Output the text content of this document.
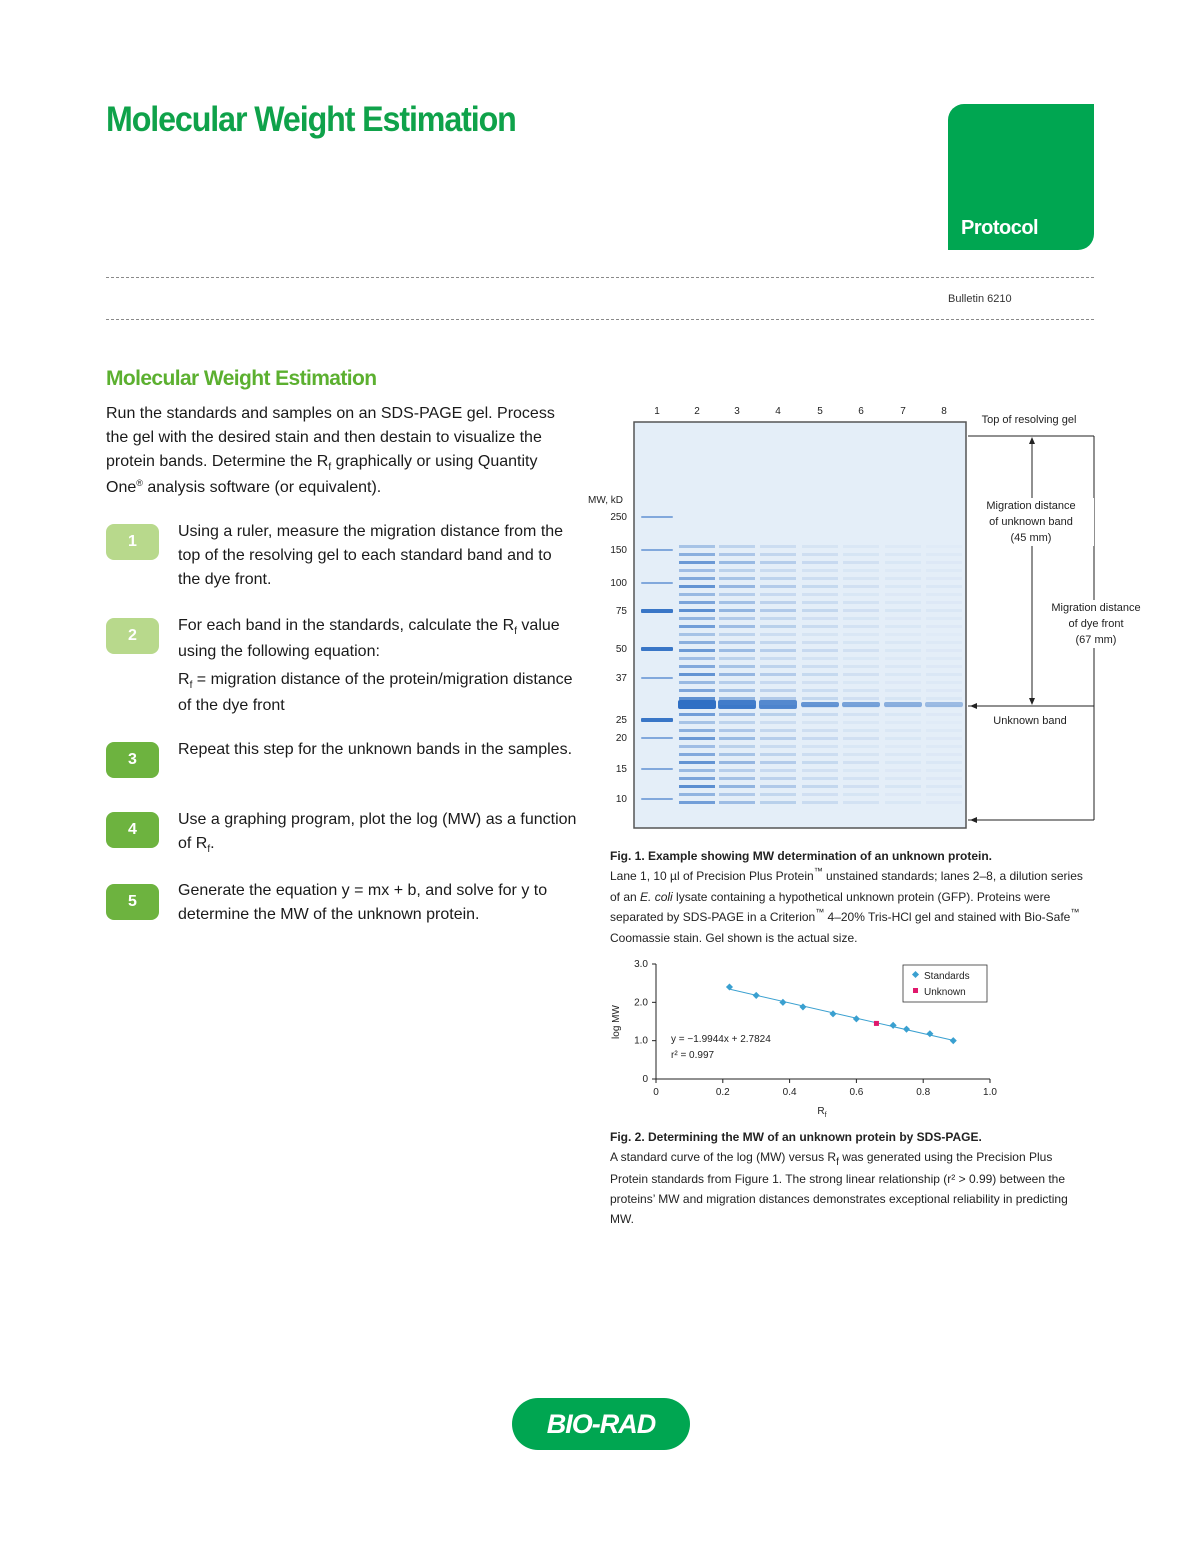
Molecular Weight Estimation
Protocol
Bulletin 6210
Molecular Weight Estimation
Run the standards and samples on an SDS-PAGE gel. Process the gel with the desired stain and then destain to visualize the protein bands. Determine the $R_f$ graphically or using Quantity One® analysis software (or equivalent).
1
Using a ruler, measure the migration distance from the top of the resolving gel to each standard band and to the dye front.
2
For each band in the standards, calculate the $R_f$ value using the following equation:
$R_f$ = migration distance of the protein/migration distance of the dye front
3
Repeat this step for the unknown bands in the samples.
4
Use a graphing program, plot the log (MW) as a function of $R_f$.
5
Generate the equation y = mx + b, and solve for y to determine the MW of the unknown protein.
1	2	3	4	5	6	7	8
MW, kD
250
150
100
75
50
37
25
20
15
10
Top of resolving gel
Migration distance
of unknown band
(45 mm)
Migration distance
of dye front
(67 mm)
Unknown band
Fig. 1. Example showing MW determination of an unknown protein.
Lane 1, 10 µl of Precision Plus Protein™ unstained standards; lanes 2–8, a dilution series of an E. coli lysate containing a hypothetical unknown protein (GFP). Proteins were separated by SDS-PAGE in a Criterion™ 4–20% Tris-HCl gel and stained with Bio-Safe™ Coomassie stain. Gel shown is the actual size.
0	0.2	0.4	0.6	0.8	1.0
0
1.0
2.0
3.0
log MW
$R_f$
y = −1.9944x + 2.7824
r² = 0.997
Standards
Unknown
Fig. 2. Determining the MW of an unknown protein by SDS-PAGE.
A standard curve of the log (MW) versus $R_f$ was generated using the Precision Plus Protein standards from Figure 1. The strong linear relationship (r² > 0.99) between the proteins’ MW and migration distances demonstrates exceptional reliability in predicting MW.
BIO-RAD
